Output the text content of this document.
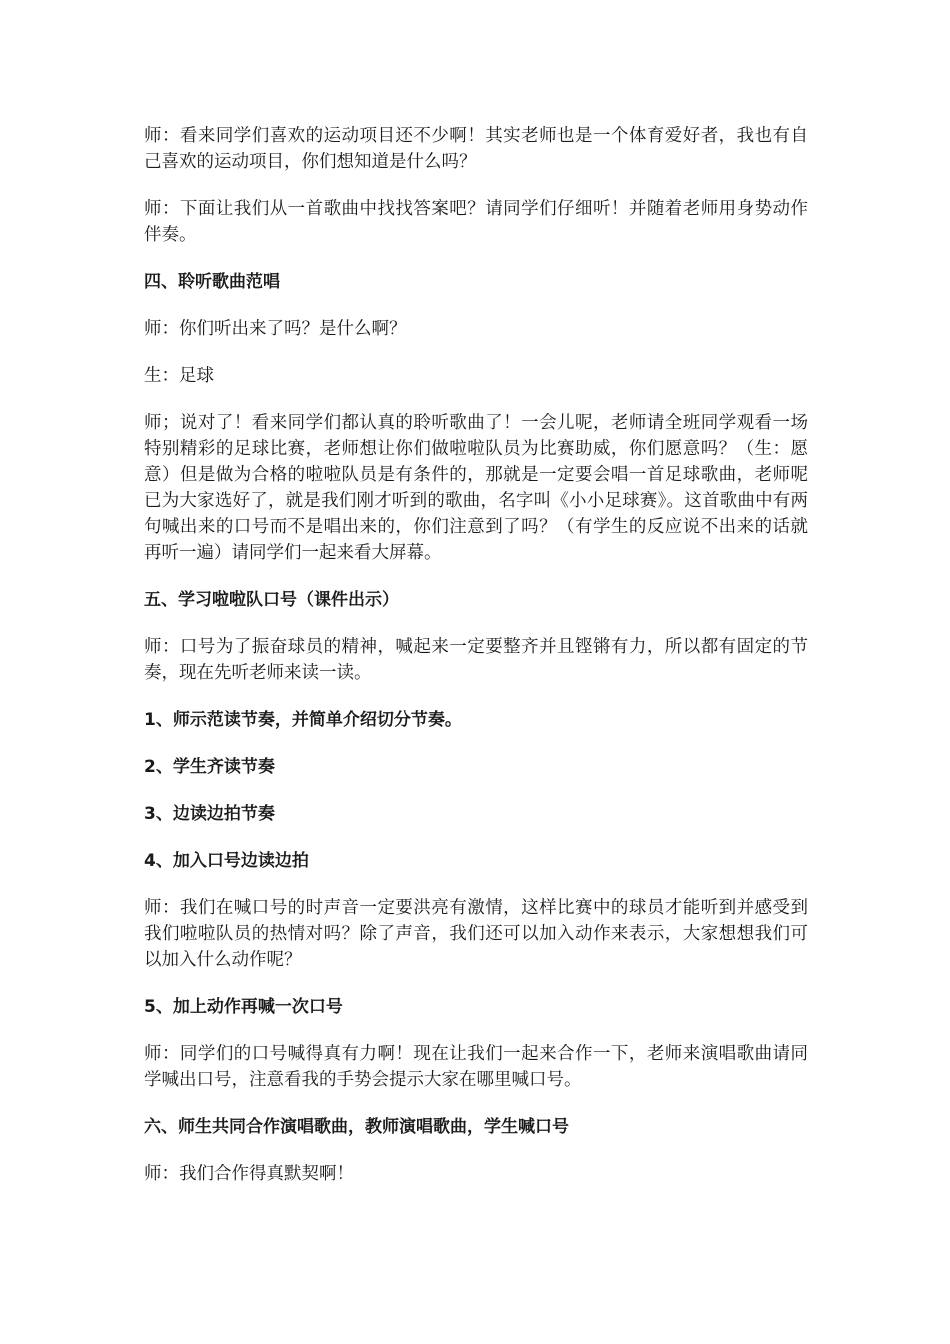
师：看来同学们喜欢的运动项目还不少啊！其实老师也是一个体育爱好者，我也有自己喜欢的运动项目，你们想知道是什么吗？

师：下面让我们从一首歌曲中找找答案吧？请同学们仔细听！并随着老师用身势动作伴奏。

四、聆听歌曲范唱

师：你们听出来了吗？是什么啊？

生：足球

师；说对了！看来同学们都认真的聆听歌曲了！一会儿呢，老师请全班同学观看一场特别精彩的足球比赛，老师想让你们做啦啦队员为比赛助威，你们愿意吗？（生：愿意）但是做为合格的啦啦队员是有条件的，那就是一定要会唱一首足球歌曲，老师呢已为大家选好了，就是我们刚才听到的歌曲，名字叫《小小足球赛》。这首歌曲中有两句喊出来的口号而不是唱出来的，你们注意到了吗？（有学生的反应说不出来的话就再听一遍）请同学们一起来看大屏幕。

五、学习啦啦队口号（课件出示）

师：口号为了振奋球员的精神，喊起来一定要整齐并且铿锵有力，所以都有固定的节奏，现在先听老师来读一读。

1、师示范读节奏，并简单介绍切分节奏。

2、学生齐读节奏

3、边读边拍节奏

4、加入口号边读边拍

师：我们在喊口号的时声音一定要洪亮有激情，这样比赛中的球员才能听到并感受到我们啦啦队员的热情对吗？除了声音，我们还可以加入动作来表示，大家想想我们可以加入什么动作呢？

5、加上动作再喊一次口号

师：同学们的口号喊得真有力啊！现在让我们一起来合作一下，老师来演唱歌曲请同学喊出口号，注意看我的手势会提示大家在哪里喊口号。

六、师生共同合作演唱歌曲，教师演唱歌曲，学生喊口号

师：我们合作得真默契啊！
